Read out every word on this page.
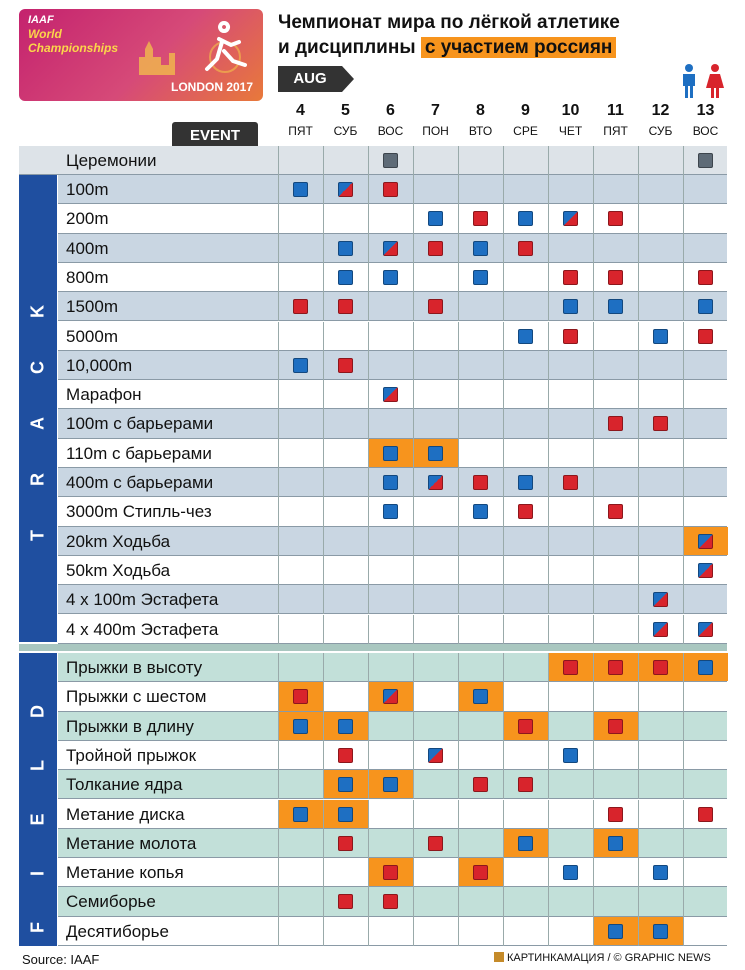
IAAF
World
Championships
LONDON 2017
Чемпионат мира по лёгкой атлетике
и дисциплины с участием россиян
AUG
4
ПЯТ
5
СУБ
6
ВОС
7
ПОН
8
ВТО
9
СРЕ
10
ЧЕТ
11
ПЯТ
12
СУБ
13
ВОС
EVENT
K
C
A
R
T
D
L
E
I
F
Церемонии
100m
200m
400m
800m
1500m
5000m
10,000m
Марафон
100m с барьерами
110m с барьерами
400m с барьерами
3000m Стипль-чез
20km Ходьба
50km Ходьба
4 x 100m Эстафета
4 x 400m Эстафета
Прыжки в высоту
Прыжки с шестом
Прыжки в длину
Тройной прыжок
Толкание ядра
Метание диска
Метание молота
Метание копья
Семиборье
Десятиборье
Source: IAAF	КАРТИНКАМАЦИЯ / © GRAPHIC NEWS
